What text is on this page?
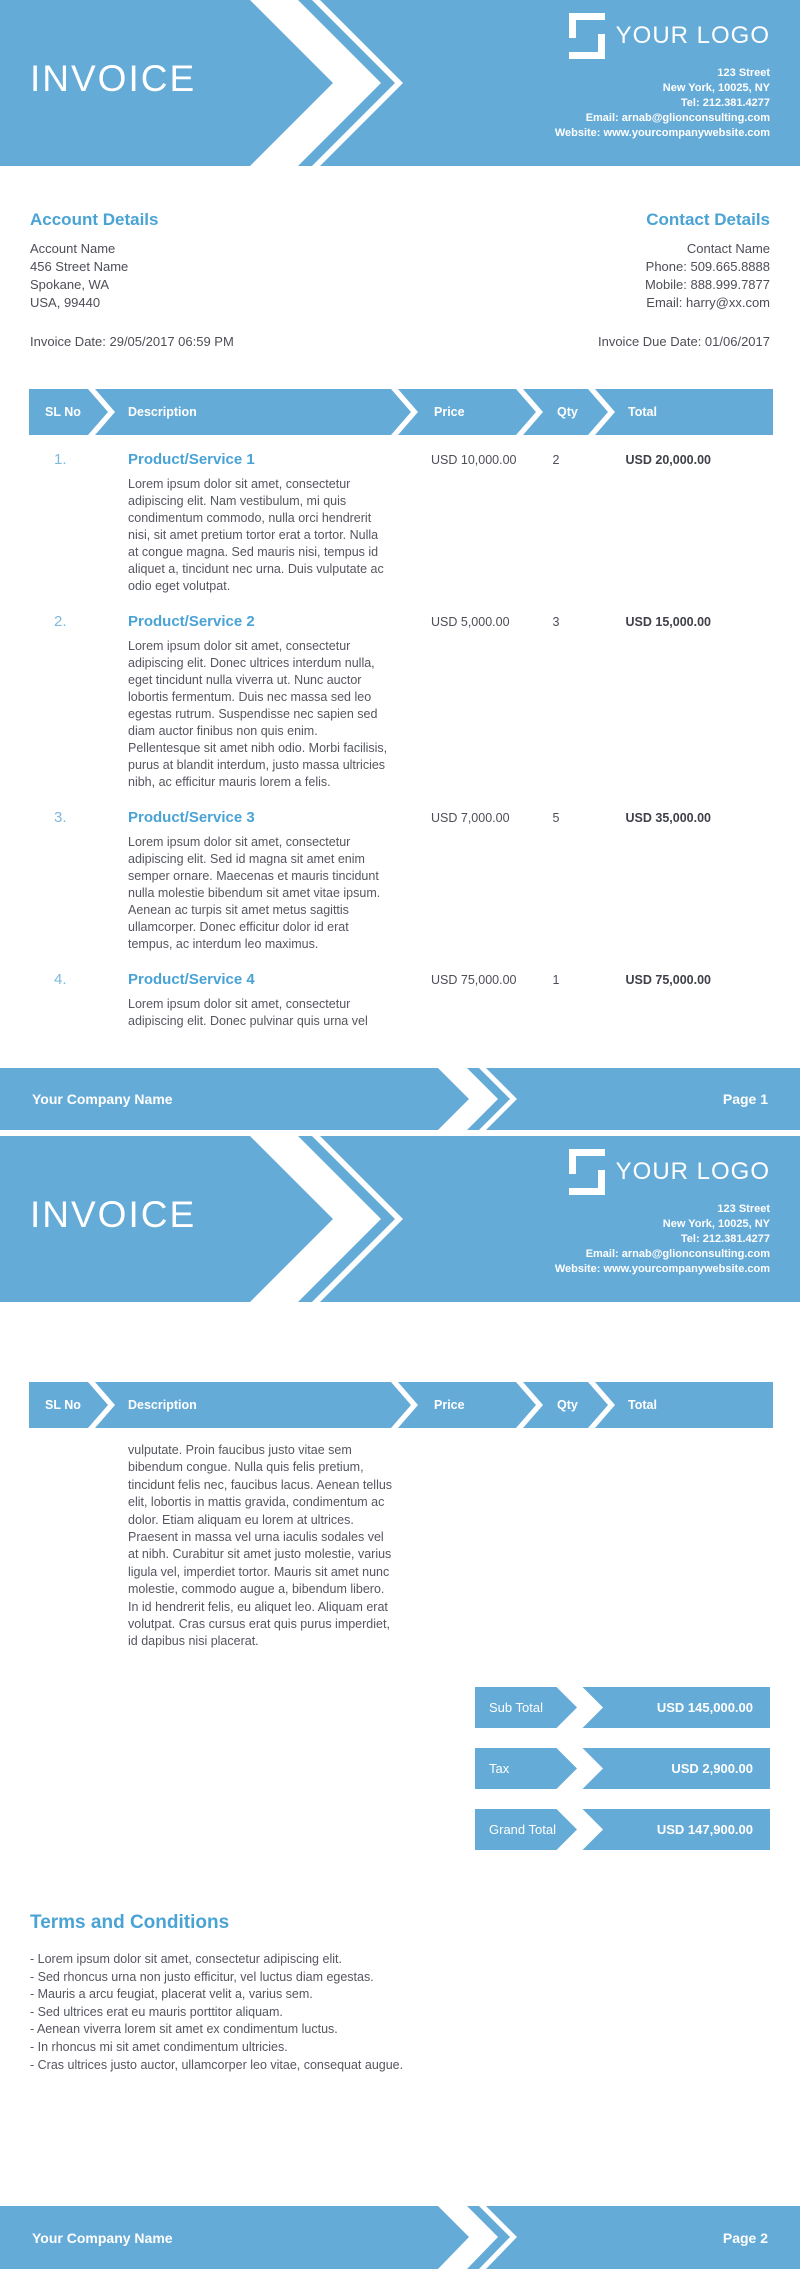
INVOICE
YOUR LOGO
123 Street
New York, 10025, NY
Tel: 212.381.4277
Email: arnab@glionconsulting.com
Website: www.yourcompanywebsite.com
Account Details
Account Name
456 Street Name
Spokane, WA
USA, 99440
Contact Details
Contact Name
Phone: 509.665.8888
Mobile: 888.999.7877
Email: harry@xx.com
Invoice Date: 29/05/2017 06:59 PM	Invoice Due Date: 01/06/2017
SL No	Description	Price	Qty	Total
1.	Product/Service 1

Lorem ipsum dolor sit amet, consectetur adipiscing elit. Nam vestibulum, mi quis condimentum commodo, nulla orci hendrerit nisi, sit amet pretium tortor erat a tortor. Nulla at congue magna. Sed mauris nisi, tempus id aliquet a, tincidunt nec urna. Duis vulputate ac odio eget volutpat.

USD 10,000.00	2	USD 20,000.00
2.	Product/Service 2

Lorem ipsum dolor sit amet, consectetur adipiscing elit. Donec ultrices interdum nulla, eget tincidunt nulla viverra ut. Nunc auctor lobortis fermentum. Duis nec massa sed leo egestas rutrum. Suspendisse nec sapien sed diam auctor finibus non quis enim. Pellentesque sit amet nibh odio. Morbi facilisis, purus at blandit interdum, justo massa ultricies nibh, ac efficitur mauris lorem a felis.

USD 5,000.00	3	USD 15,000.00
3.	Product/Service 3

Lorem ipsum dolor sit amet, consectetur adipiscing elit. Sed id magna sit amet enim semper ornare. Maecenas et mauris tincidunt nulla molestie bibendum sit amet vitae ipsum. Aenean ac turpis sit amet metus sagittis ullamcorper. Donec efficitur dolor id erat tempus, ac interdum leo maximus.

USD 7,000.00	5	USD 35,000.00
4.	Product/Service 4

Lorem ipsum dolor sit amet, consectetur adipiscing elit. Donec pulvinar quis urna vel

USD 75,000.00	1	USD 75,000.00
Your Company Name	Page 1
INVOICE
YOUR LOGO
123 Street
New York, 10025, NY
Tel: 212.381.4277
Email: arnab@glionconsulting.com
Website: www.yourcompanywebsite.com
SL No	Description	Price	Qty	Total

vulputate. Proin faucibus justo vitae sem bibendum congue. Nulla quis felis pretium, tincidunt felis nec, faucibus lacus. Aenean tellus elit, lobortis in mattis gravida, condimentum ac dolor. Etiam aliquam eu lorem at ultrices. Praesent in massa vel urna iaculis sodales vel at nibh. Curabitur sit amet justo molestie, varius ligula vel, imperdiet tortor. Mauris sit amet nunc molestie, commodo augue a, bibendum libero. In id hendrerit felis, eu aliquet leo. Aliquam erat volutpat. Cras cursus erat quis purus imperdiet, id dapibus nisi placerat.

Sub Total	USD 145,000.00
Tax	USD 2,900.00
Grand Total	USD 147,900.00
Terms and Conditions
- Lorem ipsum dolor sit amet, consectetur adipiscing elit.
- Sed rhoncus urna non justo efficitur, vel luctus diam egestas.
- Mauris a arcu feugiat, placerat velit a, varius sem.
- Sed ultrices erat eu mauris porttitor aliquam.
- Aenean viverra lorem sit amet ex condimentum luctus.
- In rhoncus mi sit amet condimentum ultricies.
- Cras ultrices justo auctor, ullamcorper leo vitae, consequat augue.
Your Company Name	Page 2
